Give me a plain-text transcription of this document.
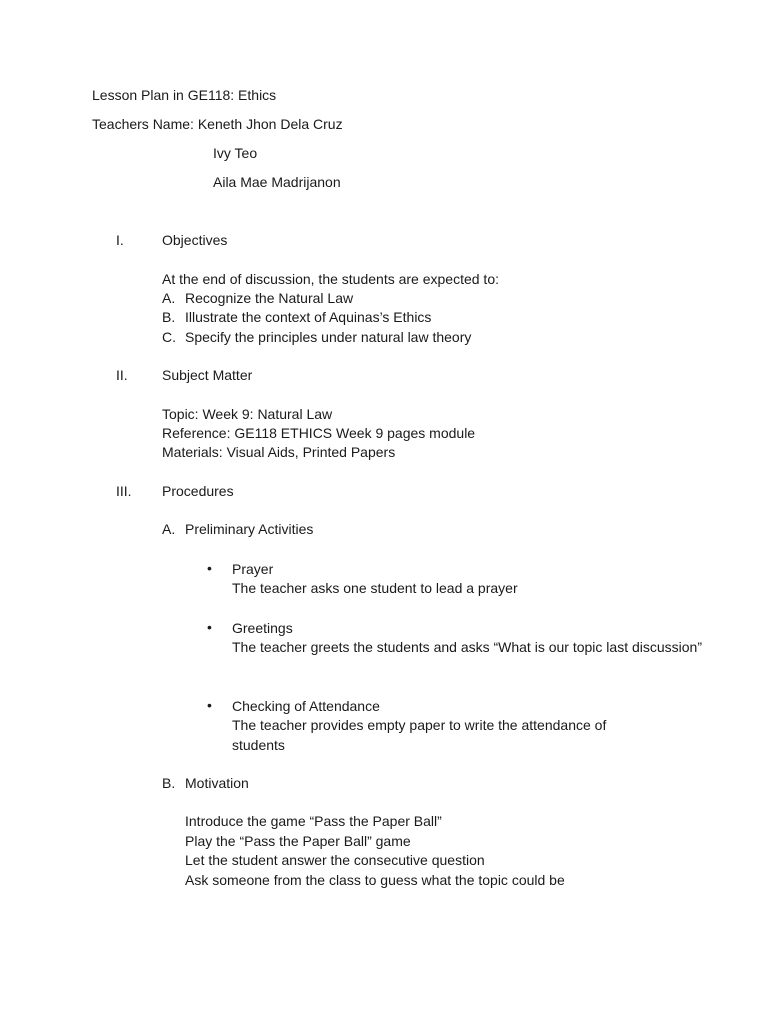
Lesson Plan in GE118: Ethics
Teachers Name: Keneth Jhon Dela Cruz
Ivy Teo
Aila Mae Madrijanon
I.	Objectives
At the end of discussion, the students are expected to:
A. Recognize the Natural Law
B. Illustrate the context of Aquinas’s Ethics
C. Specify the principles under natural law theory
II. Subject Matter
Topic: Week 9: Natural Law
Reference: GE118 ETHICS Week 9 pages module
Materials: Visual Aids, Printed Papers
III. Procedures
A. Preliminary Activities
• Prayer
The teacher asks one student to lead a prayer
• Greetings
The teacher greets the students and asks “What is our topic last discussion”
• Checking of Attendance
The teacher provides empty paper to write the attendance of students
B. Motivation
Introduce the game “Pass the Paper Ball”
Play the “Pass the Paper Ball” game
Let the student answer the consecutive question
Ask someone from the class to guess what the topic could be
